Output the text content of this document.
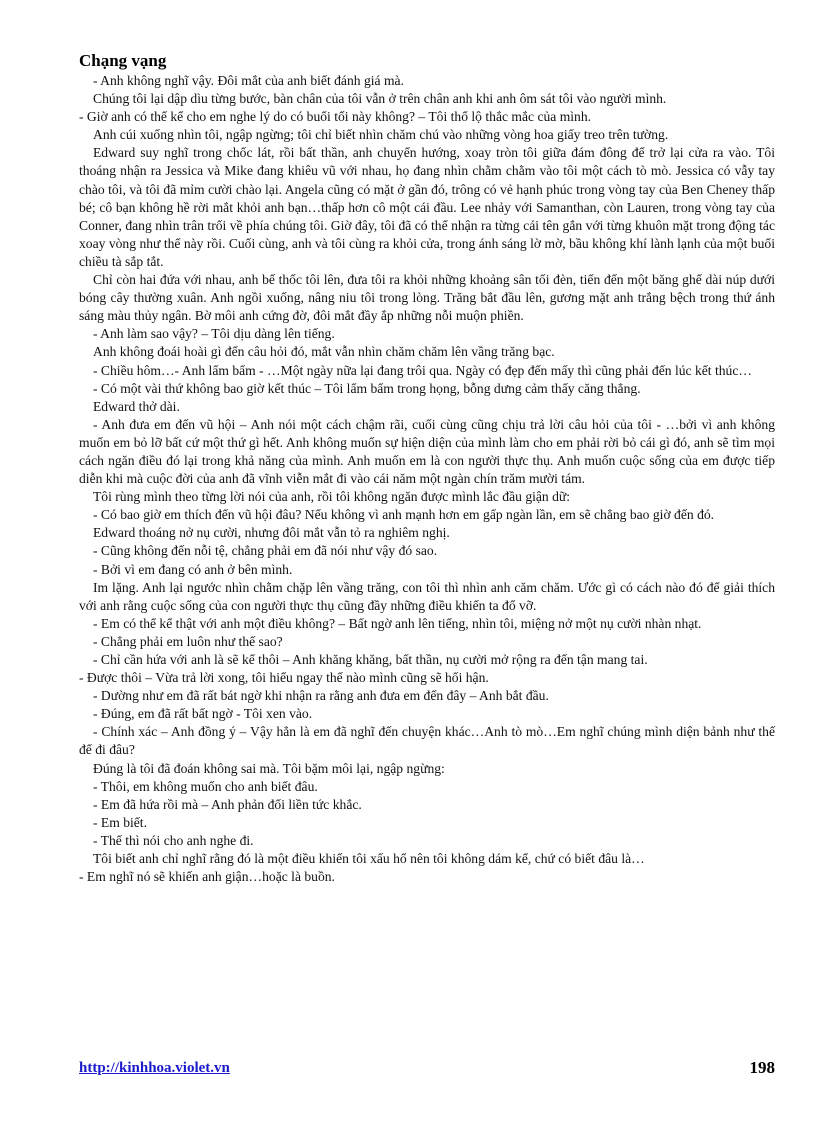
Chạng vạng

- Anh không nghĩ vậy. Đôi mắt của anh biết đánh giá mà.

Chúng tôi lại dập dìu từng bước, bàn chân của tôi vẫn ở trên chân anh khi anh ôm sát tôi vào người mình.

- Giờ anh có thể kể cho em nghe lý do có buổi tối này không? – Tôi thổ lộ thắc mắc của mình.

Anh cúi xuống nhìn tôi, ngập ngừng; tôi chỉ biết nhìn chăm chú vào những vòng hoa giấy treo trên tường.

Edward suy nghĩ trong chốc lát, rồi bất thần, anh chuyển hướng, xoay tròn tôi giữa đám đông để trở lại cửa ra vào. Tôi thoáng nhận ra Jessica và Mike đang khiêu vũ với nhau, họ đang nhìn chằm chằm vào tôi một cách tò mò. Jessica có vẫy tay chào tôi, và tôi đã mỉm cười chào lại. Angela cũng có mặt ở gần đó, trông có vẻ hạnh phúc trong vòng tay của Ben Cheney thấp bé; cô bạn không hề rời mắt khỏi anh bạn…thấp hơn cô một cái đầu. Lee nhảy với Samanthan, còn Lauren, trong vòng tay của Conner, đang nhìn trân trối về phía chúng tôi. Giờ đây, tôi đã có thể nhận ra từng cái tên gắn với từng khuôn mặt trong động tác xoay vòng như thế này rồi. Cuối cùng, anh và tôi cùng ra khỏi cửa, trong ánh sáng lờ mờ, bầu không khí lành lạnh của một buổi chiều tà sắp tắt.

Chỉ còn hai đứa với nhau, anh bế thốc tôi lên, đưa tôi ra khỏi những khoảng sân tối đèn, tiến đến một băng ghế dài núp dưới bóng cây thường xuân. Anh ngồi xuống, nâng niu tôi trong lòng. Trăng bắt đầu lên, gương mặt anh trắng bệch trong thứ ánh sáng màu thủy ngân. Bờ môi anh cứng đờ, đôi mắt đầy ắp những nỗi muộn phiền.

- Anh làm sao vậy? – Tôi dịu dàng lên tiếng.

Anh không đoái hoài gì đến câu hỏi đó, mắt vẫn nhìn chăm chăm lên vầng trăng bạc.

- Chiều hôm…- Anh lẩm bẩm - …Một ngày nữa lại đang trôi qua. Ngày có đẹp đến mấy thì cũng phải đến lúc kết thúc…

- Có một vài thứ không bao giờ kết thúc – Tôi lẩm bẩm trong họng, bỗng dưng cảm thấy căng thẳng.

Edward thở dài.

- Anh đưa em đến vũ hội – Anh nói một cách chậm rãi, cuối cùng cũng chịu trả lời câu hỏi của tôi - …bởi vì anh không muốn em bỏ lỡ bất cứ một thứ gì hết. Anh không muốn sự hiện diện của mình làm cho em phải rời bỏ cái gì đó, anh sẽ tìm mọi cách ngăn điều đó lại trong khả năng của mình. Anh muốn em là con người thực thụ. Anh muốn cuộc sống của em được tiếp diễn khi mà cuộc đời của anh đã vĩnh viễn mắt đi vào cái năm một ngàn chín trăm mười tám.

Tôi rùng mình theo từng lời nói của anh, rồi tôi không ngăn được mình lắc đầu giận dữ:

- Có bao giờ em thích đến vũ hội đâu? Nếu không vì anh mạnh hơn em gấp ngàn lần, em sẽ chẳng bao giờ đến đó.

Edward thoáng nở nụ cười, nhưng đôi mắt vẫn tỏ ra nghiêm nghị.

- Cũng không đến nỗi tệ, chẳng phải em đã nói như vậy đó sao.

- Bởi vì em đang có anh ở bên mình.

Im lặng. Anh lại ngước nhìn chằm chặp lên vầng trăng, con tôi thì nhìn anh căm chăm. Ước gì có cách nào đó để giải thích với anh rằng cuộc sống của con người thực thụ cũng đầy những điều khiến ta đổ vỡ.

- Em có thể kể thật với anh một điều không? – Bất ngờ anh lên tiếng, nhìn tôi, miệng nở một nụ cười nhàn nhạt.

- Chẳng phải em luôn như thế sao?

- Chỉ cần hứa với anh là sẽ kể thôi – Anh khăng khăng, bất thần, nụ cười mở rộng ra đến tận mang tai.

- Được thôi – Vừa trả lời xong, tôi hiểu ngay thế nào mình cũng sẽ hối hận.

- Dường như em đã rất bát ngờ khi nhận ra rằng anh đưa em đến đây – Anh bắt đầu.

- Đúng, em đã rất bất ngờ - Tôi xen vào.

- Chính xác – Anh đồng ý – Vậy hẳn là em đã nghĩ đến chuyện khác…Anh tò mò…Em nghĩ chúng mình diện bảnh như thế để đi đâu?

Đúng là tôi đã đoán không sai mà. Tôi bặm môi lại, ngập ngừng:

- Thôi, em không muốn cho anh biết đâu.

- Em đã hứa rồi mà – Anh phản đối liền tức khắc.

- Em biết.

- Thế thì nói cho anh nghe đi.

Tôi biết anh chỉ nghĩ rằng đó là một điều khiến tôi xấu hổ nên tôi không dám kể, chứ có biết đâu là…

- Em nghĩ nó sẽ khiến anh giận…hoặc là buồn.

http://kinhhoa.violet.vn	198
